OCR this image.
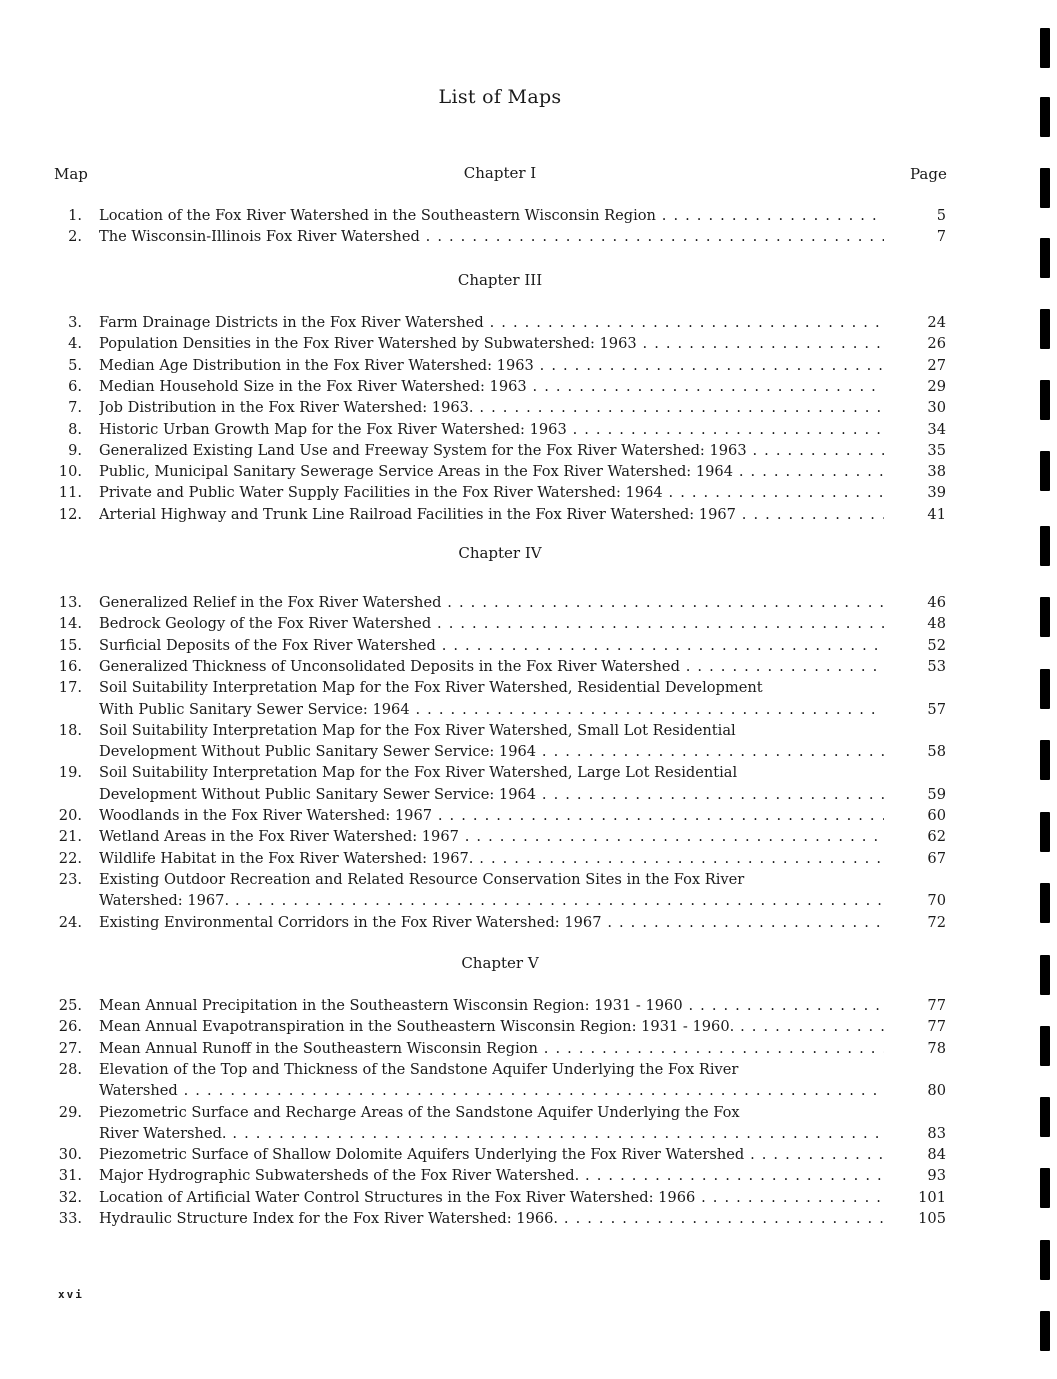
List of Maps
Map	Page
Chapter I
1. Location of the Fox River Watershed in the Southeastern Wisconsin Region . . .	5
2. The Wisconsin-Illinois Fox River Watershed . . .	7
Chapter III
3. Farm Drainage Districts in the Fox River Watershed . . .	24
4. Population Densities in the Fox River Watershed by Subwatershed: 1963 . . .	26
5. Median Age Distribution in the Fox River Watershed: 1963 . . .	27
6. Median Household Size in the Fox River Watershed: 1963 . . .	29
7. Job Distribution in the Fox River Watershed: 1963. . . .	30
8. Historic Urban Growth Map for the Fox River Watershed: 1963 . . .	34
9. Generalized Existing Land Use and Freeway System for the Fox River Watershed: 1963 . . .	35
10. Public, Municipal Sanitary Sewerage Service Areas in the Fox River Watershed: 1964 . . .	38
11. Private and Public Water Supply Facilities in the Fox River Watershed: 1964 . . .	39
12. Arterial Highway and Trunk Line Railroad Facilities in the Fox River Watershed: 1967 . . .	41
Chapter IV
13. Generalized Relief in the Fox River Watershed . . .	46
14. Bedrock Geology of the Fox River Watershed . . .	48
15. Surficial Deposits of the Fox River Watershed . . .	52
16. Generalized Thickness of Unconsolidated Deposits in the Fox River Watershed . . .	53
17. Soil Suitability Interpretation Map for the Fox River Watershed, Residential Development
With Public Sanitary Sewer Service: 1964 . . .	57
18. Soil Suitability Interpretation Map for the Fox River Watershed, Small Lot Residential
Development Without Public Sanitary Sewer Service: 1964 . . .	58
19. Soil Suitability Interpretation Map for the Fox River Watershed, Large Lot Residential
Development Without Public Sanitary Sewer Service: 1964 . . .	59
20. Woodlands in the Fox River Watershed: 1967 . . .	60
21. Wetland Areas in the Fox River Watershed: 1967 . . .	62
22. Wildlife Habitat in the Fox River Watershed: 1967. . . .	67
23. Existing Outdoor Recreation and Related Resource Conservation Sites in the Fox River
Watershed: 1967. . . .	70
24. Existing Environmental Corridors in the Fox River Watershed: 1967 . . .	72
Chapter V
25. Mean Annual Precipitation in the Southeastern Wisconsin Region: 1931 - 1960 . . .	77
26. Mean Annual Evapotranspiration in the Southeastern Wisconsin Region: 1931 - 1960. . . .	77
27. Mean Annual Runoff in the Southeastern Wisconsin Region . . .	78
28. Elevation of the Top and Thickness of the Sandstone Aquifer Underlying the Fox River
Watershed . . .	80
29. Piezometric Surface and Recharge Areas of the Sandstone Aquifer Underlying the Fox
River Watershed. . . .	83
30. Piezometric Surface of Shallow Dolomite Aquifers Underlying the Fox River Watershed . . .	84
31. Major Hydrographic Subwatersheds of the Fox River Watershed. . . .	93
32. Location of Artificial Water Control Structures in the Fox River Watershed: 1966 . . .	101
33. Hydraulic Structure Index for the Fox River Watershed: 1966. . . .	105
xvi
